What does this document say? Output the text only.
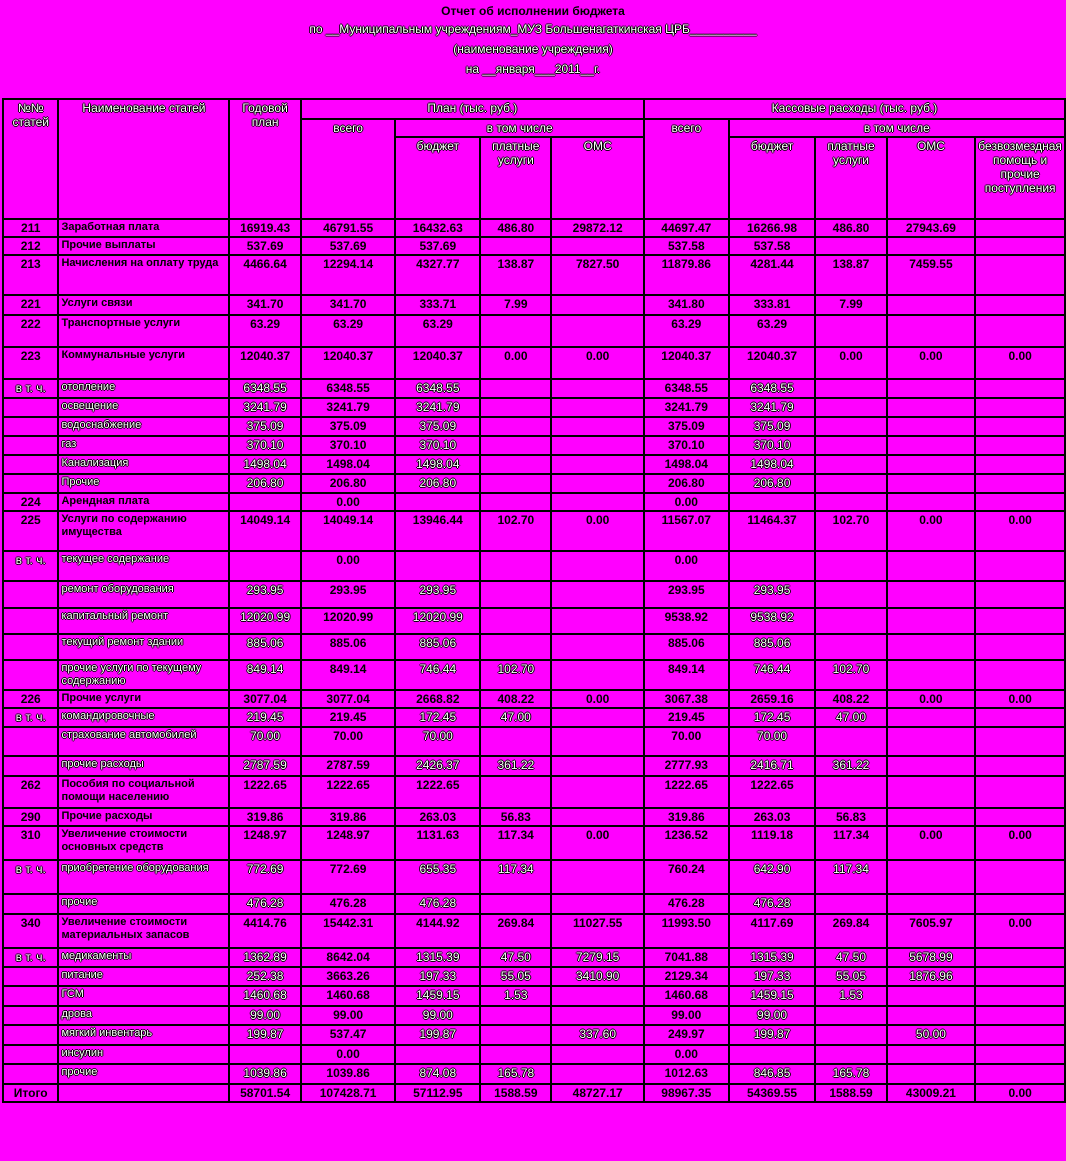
Отчет об исполнении бюджета
по __Муниципальным учреждениям_МУЗ Большенагаткинская ЦРБ__________
(наименование учреждения)
на __января___2011__г.
№№ статей	Наименование статей	Годовой план	План (тыс. руб.)				Кассовые расходы (тыс. руб.)				
			всего	в том числе			всего	в том числе			
				бюджет	платные услуги	ОМС		бюджет	платные услуги	ОМС	безвозмездная помощь и прочие поступления
211	Заработная плата	16919.43	46791.55	16432.63	486.80	29872.12	44697.47	16266.98	486.80	27943.69	
212	Прочие выплаты	537.69	537.69	537.69			537.58	537.58			
213	Начисления на оплату труда	4466.64	12294.14	4327.77	138.87	7827.50	11879.86	4281.44	138.87	7459.55	
221	Услуги связи	341.70	341.70	333.71	7.99		341.80	333.81	7.99		
222	Транспортные услуги	63.29	63.29	63.29			63.29	63.29			
223	Коммунальные услуги	12040.37	12040.37	12040.37	0.00	0.00	12040.37	12040.37	0.00	0.00	0.00
в т. ч.	отопление	6348.55	6348.55	6348.55			6348.55	6348.55			
	освещение	3241.79	3241.79	3241.79			3241.79	3241.79			
	водоснабжение	375.09	375.09	375.09			375.09	375.09			
	газ	370.10	370.10	370.10			370.10	370.10			
	Канализация	1498.04	1498.04	1498.04			1498.04	1498.04			
	Прочие	206.80	206.80	206.80			206.80	206.80			
224	Арендная плата		0.00				0.00				
225	Услуги по содержанию имущества	14049.14	14049.14	13946.44	102.70	0.00	11567.07	11464.37	102.70	0.00	0.00
в т. ч.	текущее содержание		0.00				0.00				
	ремонт оборудования	293.95	293.95	293.95			293.95	293.95			
	капитальный ремонт	12020.99	12020.99	12020.99			9538.92	9538.92			
	текущий ремонт здании	885.06	885.06	885.06			885.06	885.06			
	прочие услуги по текущему содержанию	849.14	849.14	746.44	102.70		849.14	746.44	102.70		
226	Прочие услуги	3077.04	3077.04	2668.82	408.22	0.00	3067.38	2659.16	408.22	0.00	0.00
в т. ч.	командировочные	219.45	219.45	172.45	47.00		219.45	172.45	47.00		
	страхование автомобилей	70.00	70.00	70.00			70.00	70.00			
	прочие расходы	2787.59	2787.59	2426.37	361.22		2777.93	2416.71	361.22		
262	Пособия по социальной помощи населению	1222.65	1222.65	1222.65			1222.65	1222.65			
290	Прочие расходы	319.86	319.86	263.03	56.83		319.86	263.03	56.83		
310	Увеличение стоимости основных средств	1248.97	1248.97	1131.63	117.34	0.00	1236.52	1119.18	117.34	0.00	0.00
в т. ч.	приобретение оборудования	772.69	772.69	655.35	117.34		760.24	642.90	117.34		
	прочие	476.28	476.28	476.28			476.28	476.28			
340	Увеличение стоимости материальных запасов	4414.76	15442.31	4144.92	269.84	11027.55	11993.50	4117.69	269.84	7605.97	0.00
в т. ч.	медикаменты	1362.89	8642.04	1315.39	47.50	7279.15	7041.88	1315.39	47.50	5678.99	
	питание	252.38	3663.26	197.33	55.05	3410.90	2129.34	197.33	55.05	1876.96	
	ГСМ	1460.68	1460.68	1459.15	1.53		1460.68	1459.15	1.53		
	дрова	99.00	99.00	99.00			99.00	99.00			
	мягкий инвентарь	199.87	537.47	199.87		337.60	249.97	199.87		50.00	
	инсулин		0.00				0.00				
	прочие	1039.86	1039.86	874.08	165.78		1012.63	846.85	165.78		
Итого		58701.54	107428.71	57112.95	1588.59	48727.17	98967.35	54369.55	1588.59	43009.21	0.00
